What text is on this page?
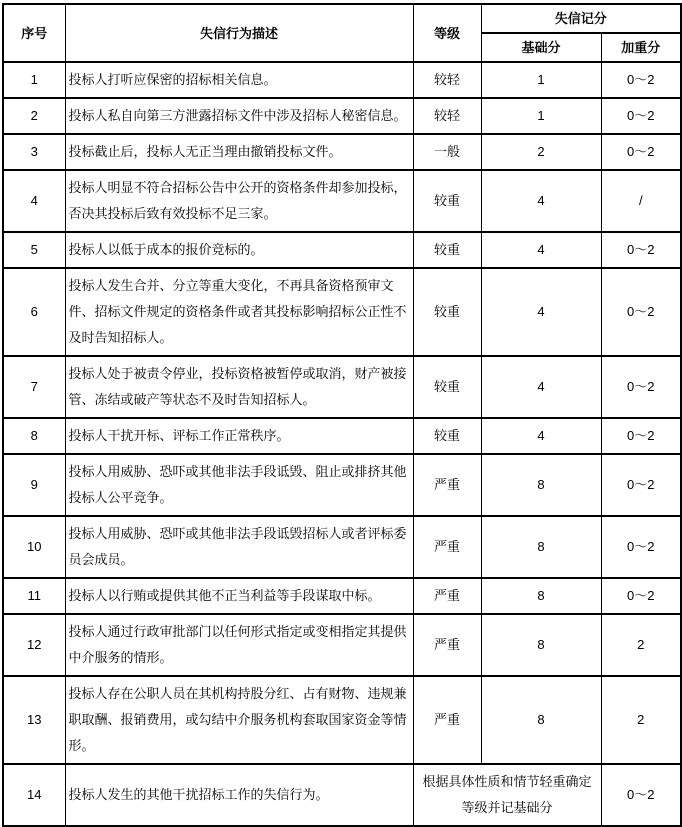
序号	失信行为描述	等级	失信记分	
			基础分	加重分
1	投标人打听应保密的招标相关信息。	较轻	1	0～2
2	投标人私自向第三方泄露招标文件中涉及招标人秘密信息。	较轻	1	0～2
3	投标截止后，投标人无正当理由撤销投标文件。	一般	2	0～2
4	投标人明显不符合招标公告中公开的资格条件却参加投标，否决其投标后致有效投标不足三家。	较重	4	/
5	投标人以低于成本的报价竞标的。	较重	4	0～2
6	投标人发生合并、分立等重大变化，不再具备资格预审文件、招标文件规定的资格条件或者其投标影响招标公正性不及时告知招标人。	较重	4	0～2
7	投标人处于被责令停业，投标资格被暂停或取消，财产被接管、冻结或破产等状态不及时告知招标人。	较重	4	0～2
8	投标人干扰开标、评标工作正常秩序。	较重	4	0～2
9	投标人用威胁、恐吓或其他非法手段诋毁、阻止或排挤其他投标人公平竞争。	严重	8	0～2
10	投标人用威胁、恐吓或其他非法手段诋毁招标人或者评标委员会成员。	严重	8	0～2
11	投标人以行贿或提供其他不正当利益等手段谋取中标。	严重	8	0～2
12	投标人通过行政审批部门以任何形式指定或变相指定其提供中介服务的情形。	严重	8	2
13	投标人存在公职人员在其机构持股分红、占有财物、违规兼职取酬、报销费用，或勾结中介服务机构套取国家资金等情形。	严重	8	2
14	投标人发生的其他干扰招标工作的失信行为。	根据具体性质和情节轻重确定等级并记基础分		0～2
